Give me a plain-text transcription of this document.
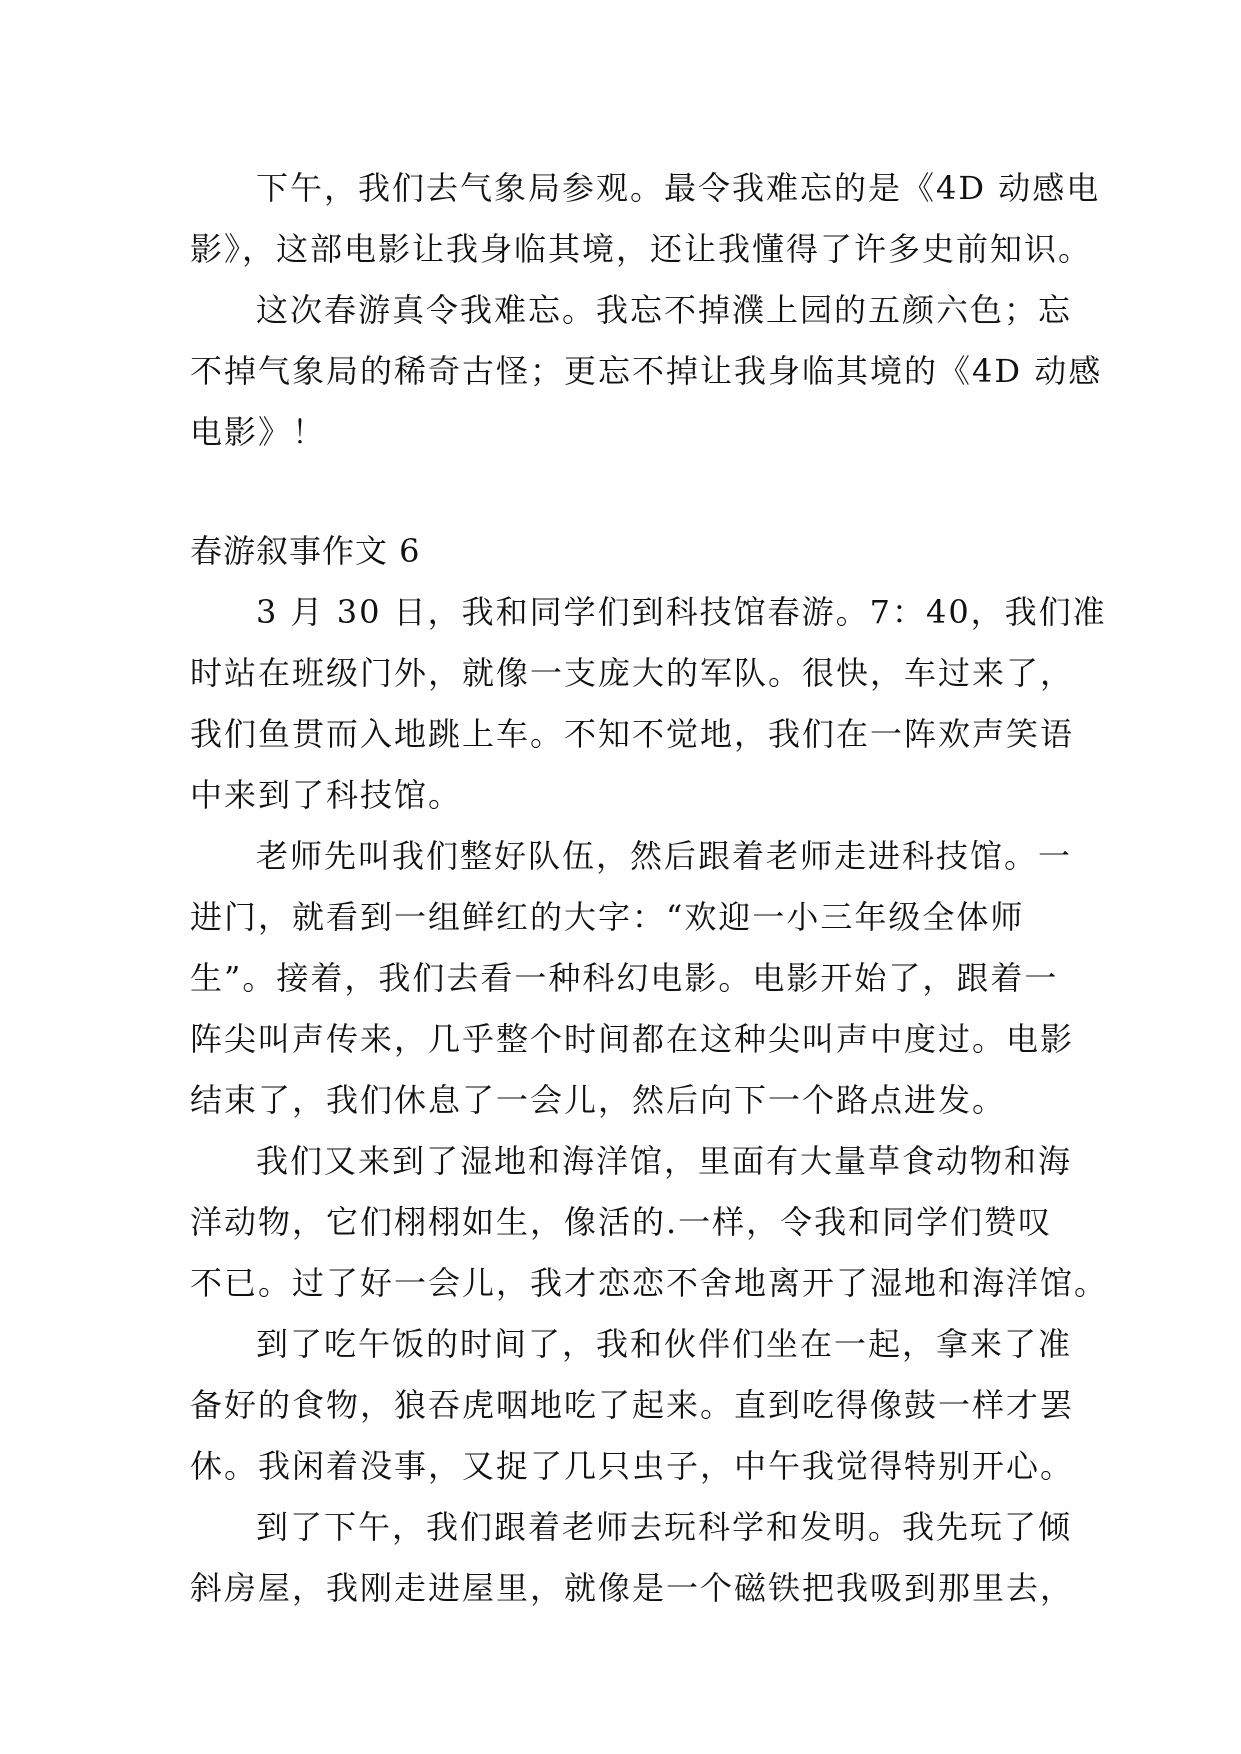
下午，我们去气象局参观。最令我难忘的是《4D 动感电
影》，这部电影让我身临其境，还让我懂得了许多史前知识。
这次春游真令我难忘。我忘不掉濮上园的五颜六色；忘
不掉气象局的稀奇古怪；更忘不掉让我身临其境的《4D 动感
电影》！
春游叙事作文 6
3 月 30 日，我和同学们到科技馆春游。7：40，我们准
时站在班级门外，就像一支庞大的军队。很快，车过来了，
我们鱼贯而入地跳上车。不知不觉地，我们在一阵欢声笑语
中来到了科技馆。
老师先叫我们整好队伍，然后跟着老师走进科技馆。一
进门，就看到一组鲜红的大字：“欢迎一小三年级全体师
生”。接着，我们去看一种科幻电影。电影开始了，跟着一
阵尖叫声传来，几乎整个时间都在这种尖叫声中度过。电影
结束了，我们休息了一会儿，然后向下一个路点进发。
我们又来到了湿地和海洋馆，里面有大量草食动物和海
洋动物，它们栩栩如生，像活的.一样，令我和同学们赞叹
不已。过了好一会儿，我才恋恋不舍地离开了湿地和海洋馆。
到了吃午饭的时间了，我和伙伴们坐在一起，拿来了准
备好的食物，狼吞虎咽地吃了起来。直到吃得像鼓一样才罢
休。我闲着没事，又捉了几只虫子，中午我觉得特别开心。
到了下午，我们跟着老师去玩科学和发明。我先玩了倾
斜房屋，我刚走进屋里，就像是一个磁铁把我吸到那里去，
